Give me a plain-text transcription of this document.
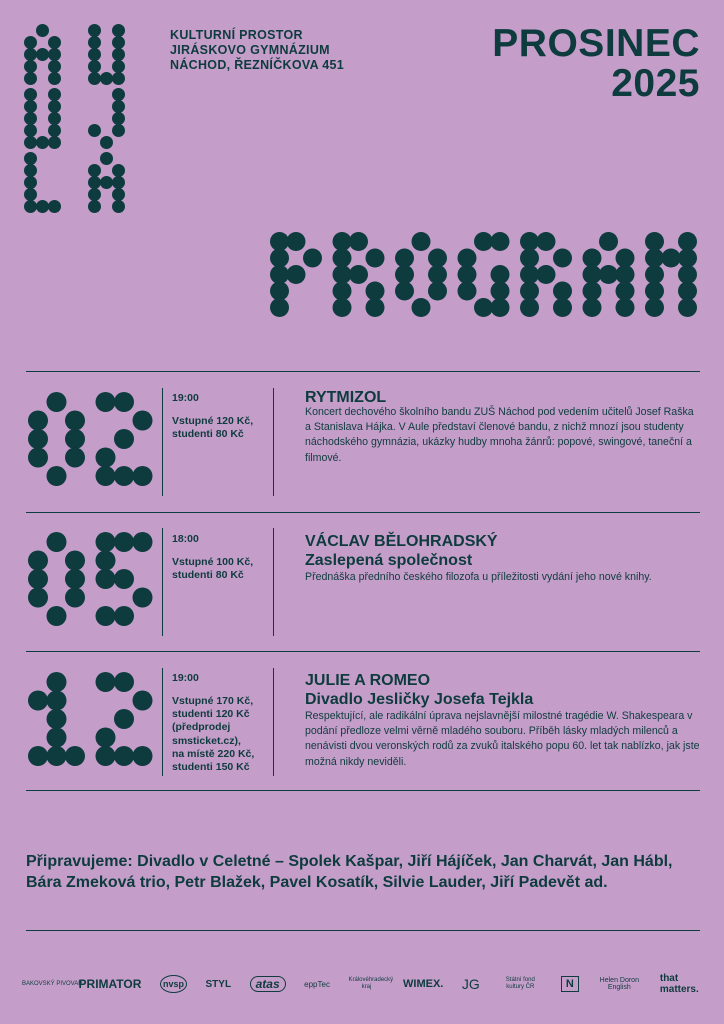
KULTURNÍ PROSTOR
JIRÁSKOVO GYMNÁZIUM
NÁCHOD, ŘEZNÍČKOVA 451	PROSINEC
2025
19:00
Vstupné 120 Kč,
studenti 80 Kč
RYTMIZOL
Koncert dechového školního bandu ZUŠ Náchod pod vedením učitelů Josef Raška a Stanislava Hájka. V Aule představí členové bandu, z nichž mnozí jsou studenty náchodského gymnázia, ukázky hudby mnoha žánrů: popové, swingové, taneční a filmové.
18:00
Vstupné 100 Kč,
studenti 80 Kč
VÁCLAV BĚLOHRADSKÝ
Zaslepená společnost
Přednáška předního českého filozofa u příležitosti vydání jeho nové knihy.
19:00
Vstupné 170 Kč,
studenti 120 Kč
(předprodej
smsticket.cz),
na místě 220 Kč,
studenti 150 Kč
JULIE A ROMEO
Divadlo Jesličky Josefa Tejkla
Respektující, ale radikální úprava nejslavnější milostné tragédie W. Shakespeara v podání předloze velmi věrně mladého souboru. Příběh lásky mladých milenců a nenávisti dvou veronských rodů za zvuků italského popu 60. let tak nablízko, jak jste možná nikdy neviděli.
Připravujeme: Divadlo v Celetné – Spolek Kašpar, Jiří Hájíček, Jan Charvát, Jan Hábl, Bára Zmeková trio, Petr Blažek, Pavel Kosatík, Silvie Lauder, Jiří Padevět ad.
BAKOVSKÝ PIVOVAR
PRIMATOR	nvsp	STYL	atas	eppTec	Královéhradecký kraj	WIMEX. JG	Státní fond kultury ČR	N	Helen Doron English
that matters.
